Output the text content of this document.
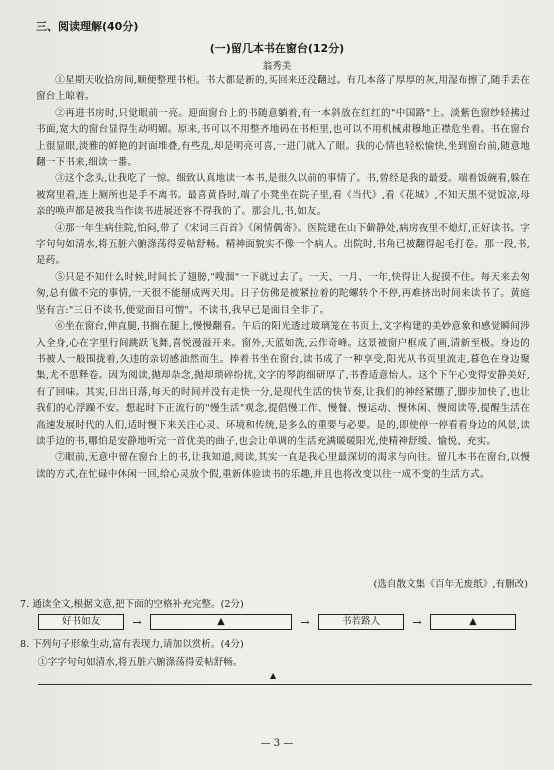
三、阅读理解(40分)
(一)留几本书在窗台(12分)
翁秀美

①星期天收拾房间,顺便整理书柜。书大都是新的,买回来还没翻过。有几本落了厚厚的灰,用湿布擦了,随手丢在窗台上晾着。

②再进书房时,只觉眼前一亮。迎面窗台上的书随意躺着,有一本斜放在红红的"中国路"上。淡紫色窗纱轻拂过书面,宽大的窗台显得生动明媚。原来,书可以不用整齐地码在书柜里,也可以不用机械肃穆地正襟危坐着。书在窗台上很显眼,淡雅的鲜艳的封面堆叠,有些乱,却是明亮可喜,一进门就入了眼。我的心情也轻松愉快,坐到窗台前,随意地翻一下书来,细读一番。

③这个念头,让我吃了一惊。细致认真地读一本书,是很久以前的事情了。书,曾经是我的最爱。端着饭碗看,躲在被窝里看,连上厕所也是手不离书。最喜黄昏时,端了小凳坐在院子里,看《当代》,看《花城》,不知天黑不觉饭凉,母亲的唤声都是被我当作读书进展还容不得我的了。那会儿,书,如友。

④那一年生病住院,怕闷,带了《宋词三百首》《闲情偶寄》。医院建在山下僻静处,病房夜里不熄灯,正好读书。字字句句如清水,将五脏六腑涤荡得妥帖舒畅。精神面貌实不像一个病人。出院时,书角已被翻得起毛打卷。那一段,书,是药。

⑤只是不知什么时候,时间长了翅膀,"嗖溜"一下就过去了。一天、一月、一年,快得让人捉摸不住。每天来去匆匆,总有做不完的事情,一天很不能掰成两天用。日子仿佛是被紧拉着的陀螺转个不停,再难挤出时间来读书了。黄庭坚有言:"三日不读书,便觉面目可憎"。不读书,我早已是面目全非了。

⑥坐在窗台,伸直腿,书搁在腿上,慢慢翻看。午后的阳光透过玻璃笼在书页上,文字构建的美妙意象和感觉瞬间涉入全身,心在字里行间跳跃飞舞,喜悦漫溢开来。窗外,天蓝如洗,云作奇峰。这景被窗户框成了画,清新至极。身边的书被人一般围拢着,久违的亲切感油然而生。捧着书坐在窗台,读书成了一种享受,阳光从书页里流走,暮色在身边聚集,尤不思释卷。因为阅读,抛却杂念,抛却琐碎纷扰,文字的琴韵细研厚了,书香适意怡人。这个下午心变得安静美好,有了回味。其实,日出日落,每天的时间并没有走快一分,是现代生活的快节奏,让我们的神经紧绷了,脚步加快了,也让我们的心浮躁不安。想起时下正流行的"慢生活"观念,提倡慢工作、慢餐、慢运动、慢休闲、慢阅读等,提醒生活在高速发展时代的人们,适时慢下来关注心灵、环境和传统,是多么的重要与必要。是的,即使停一停看看身边的风景,读读手边的书,哪怕是安静地听完一首优美的曲子,也会让单调的生活充满暖暖阳光,使精神舒缓、愉悦、充实。

⑦眼前,无意中留在窗台上的书,让我知道,阅读,其实一直是我心里最深切的渴求与向往。留几本书在窗台,以慢读的方式,在忙碌中休闲一回,给心灵放个假,重新体验读书的乐趣,并且也将改变以往一成不变的生活方式。

(选自散文集《百年无废纸》,有删改)
7. 通读全文,根据文意,把下面的空格补充完整。(2分)
好书如友	→	▲	→	书若路人	→	▲
8. 下列句子形象生动,富有表现力,请加以赏析。(4分)
①字字句句如清水,将五脏六腑涤荡得妥帖舒畅。
▲
— 3 —
